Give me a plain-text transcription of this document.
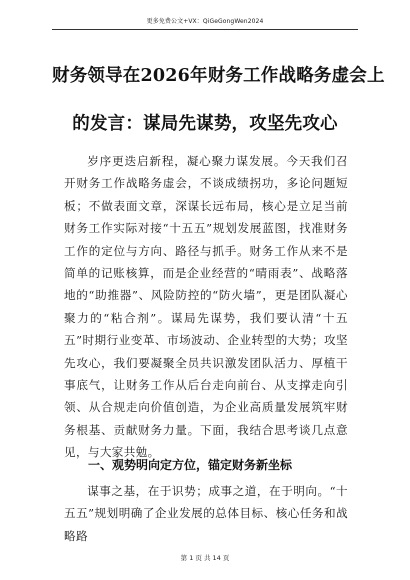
更多免费公文+VX：QiGeGongWen2024
财务领导在2026年财务工作战略务虚会上
的发言：谋局先谋势，攻坚先攻心

岁序更迭启新程，凝心聚力谋发展。今天我们召开财务工作战略务虚会，不谈成绩拐功，多论问题短板；不做表面文章，深谋长远布局，核心是立足当前财务工作实际对接“十五五”规划发展蓝图，找准财务工作的定位与方向、路径与抓手。财务工作从来不是简单的记账核算，而是企业经营的“晴雨表”、战略落地的“助推器”、风险防控的“防火墙”，更是团队凝心聚力的“粘合剂”。谋局先谋势，我们要认清“十五五”时期行业变革、市场波动、企业转型的大势；攻坚先攻心，我们要凝聚全员共识激发团队活力、厚植干事底气，让财务工作从后台走向前台、从支撑走向引领、从合规走向价值创造，为企业高质量发展筑牢财务根基、贡献财务力量。下面，我结合思考谈几点意见，与大家共勉。

一、观势明向定方位，锚定财务新坐标

谋事之基，在于识势；成事之道，在于明向。“十五五”规划明确了企业发展的总体目标、核心任务和战略路

第 1 页 共 14 页
